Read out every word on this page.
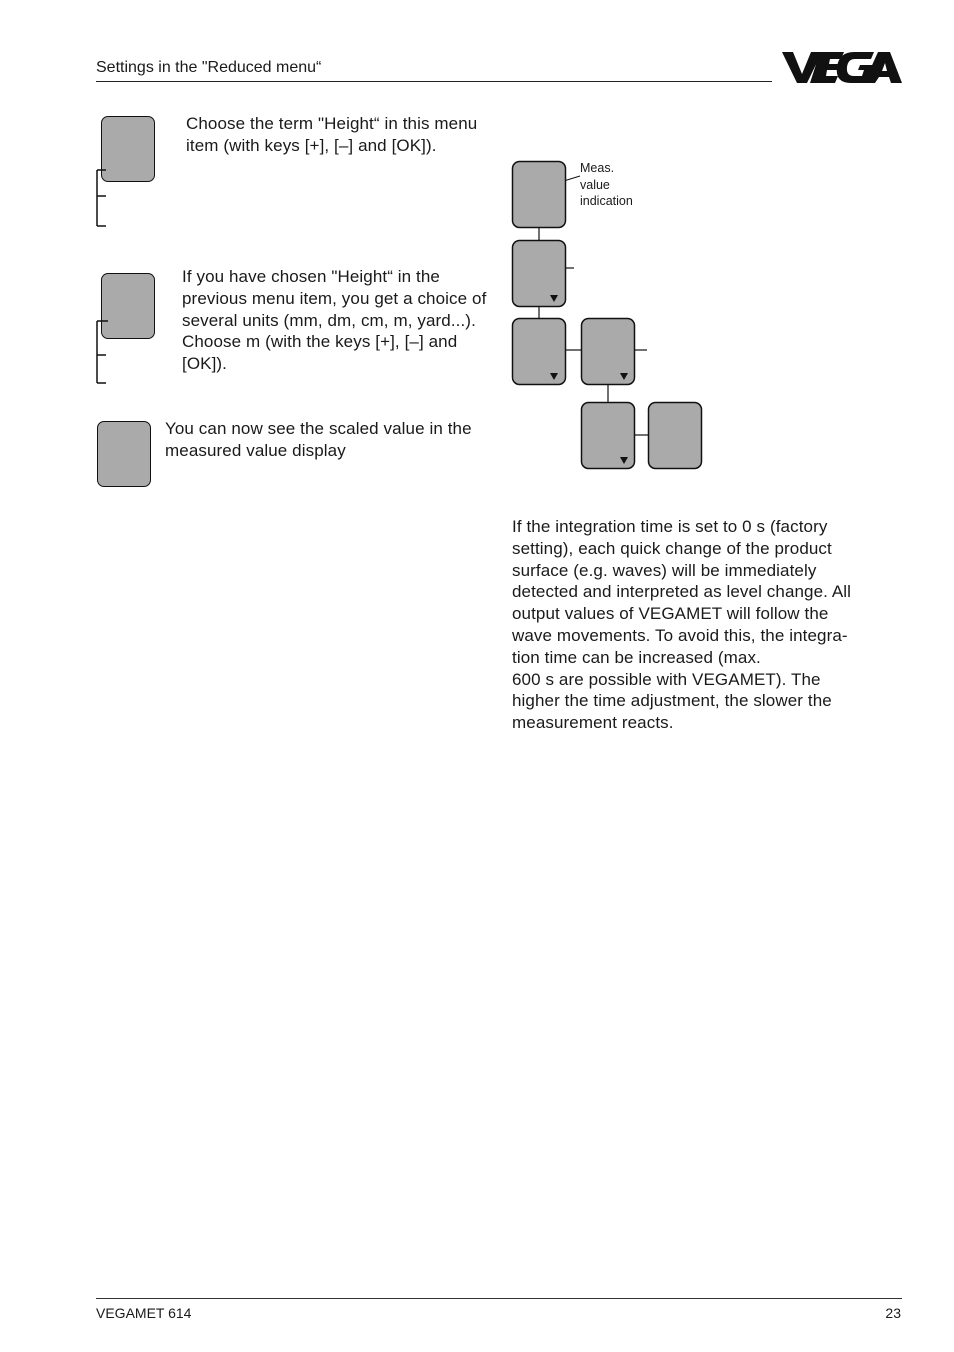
Settings in the "Reduced menu“
Choose the term "Height“ in this menu item (with keys [+], [–] and [OK]).
If you have chosen "Height“ in the previous menu item, you get a choice of several units (mm, dm, cm, m, yard...). Choose m (with the keys [+], [–] and [OK]).
You can now see the scaled value in the measured value display
Meas.
value
indication
If the integration time is set to 0 s (factory
setting), each quick change of the product
surface (e.g. waves) will be immediately
detected and interpreted as level change. All
output values of VEGAMET will follow the
wave movements. To avoid this, the integra-
tion time can be increased (max.
600 s are possible with VEGAMET). The
higher the time adjustment, the slower the
measurement reacts.
VEGAMET 614	23
